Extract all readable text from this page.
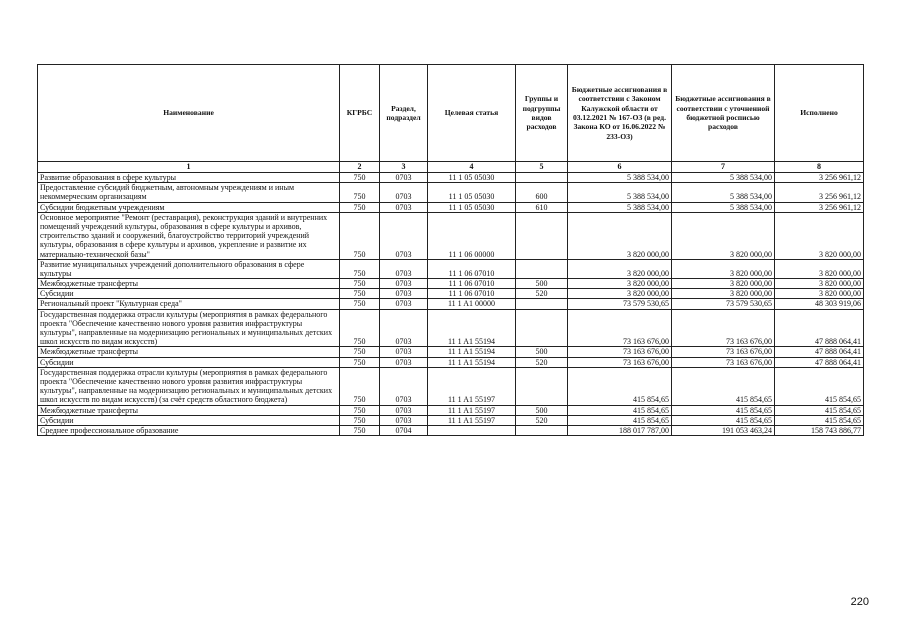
Наименование	КГРБС	Раздел, подраздел	Целевая статья	Группы и подгруппы видов расходов	Бюджетные ассигнования в соответствии с Законом Калужской области от 03.12.2021 № 167-ОЗ (в ред. Закона КО от 16.06.2022 № 233-ОЗ)	Бюджетные ассигнования в соответствии с уточненной бюджетной росписью расходов	Исполнено
1	2	3	4	5	6	7	8
Развитие образования в сфере культуры	750	0703	11 1 05 05030		5 388 534,00	5 388 534,00	3 256 961,12
Предоставление субсидий бюджетным, автономным учреждениям и иным некоммерческим организациям	750	0703	11 1 05 05030	600	5 388 534,00	5 388 534,00	3 256 961,12
Субсидии бюджетным учреждениям	750	0703	11 1 05 05030	610	5 388 534,00	5 388 534,00	3 256 961,12
Основное мероприятие "Ремонт (реставрация), реконструкция зданий и внутренних помещений учреждений культуры, образования в сфере культуры и архивов, строительство зданий и сооружений, благоустройство территорий учреждений культуры, образования в сфере культуры и архивов, укрепление и развитие их материально-технической базы"	750	0703	11 1 06 00000		3 820 000,00	3 820 000,00	3 820 000,00
Развитие муниципальных учреждений дополнительного образования в сфере культуры	750	0703	11 1 06 07010		3 820 000,00	3 820 000,00	3 820 000,00
Межбюджетные трансферты	750	0703	11 1 06 07010	500	3 820 000,00	3 820 000,00	3 820 000,00
Субсидии	750	0703	11 1 06 07010	520	3 820 000,00	3 820 000,00	3 820 000,00
Региональный проект "Культурная среда"	750	0703	11 1 A1 00000		73 579 530,65	73 579 530,65	48 303 919,06
Государственная поддержка отрасли культуры (мероприятия в рамках федерального проекта "Обеспечение качественно нового уровня развития инфраструктуры культуры", направленные на модернизацию региональных и муниципальных детских школ искусств по видам искусств)	750	0703	11 1 A1 55194		73 163 676,00	73 163 676,00	47 888 064,41
Межбюджетные трансферты	750	0703	11 1 A1 55194	500	73 163 676,00	73 163 676,00	47 888 064,41
Субсидии	750	0703	11 1 A1 55194	520	73 163 676,00	73 163 676,00	47 888 064,41
Государственная поддержка отрасли культуры (мероприятия в рамках федерального проекта "Обеспечение качественно нового уровня развития инфраструктуры культуры", направленные на модернизацию региональных и муниципальных детских школ искусств по видам искусств) (за счёт средств областного бюджета)	750	0703	11 1 A1 55197		415 854,65	415 854,65	415 854,65
Межбюджетные трансферты	750	0703	11 1 A1 55197	500	415 854,65	415 854,65	415 854,65
Субсидии	750	0703	11 1 A1 55197	520	415 854,65	415 854,65	415 854,65
Среднее профессиональное образование	750	0704			188 017 787,00	191 053 463,24	158 743 886,77
220
